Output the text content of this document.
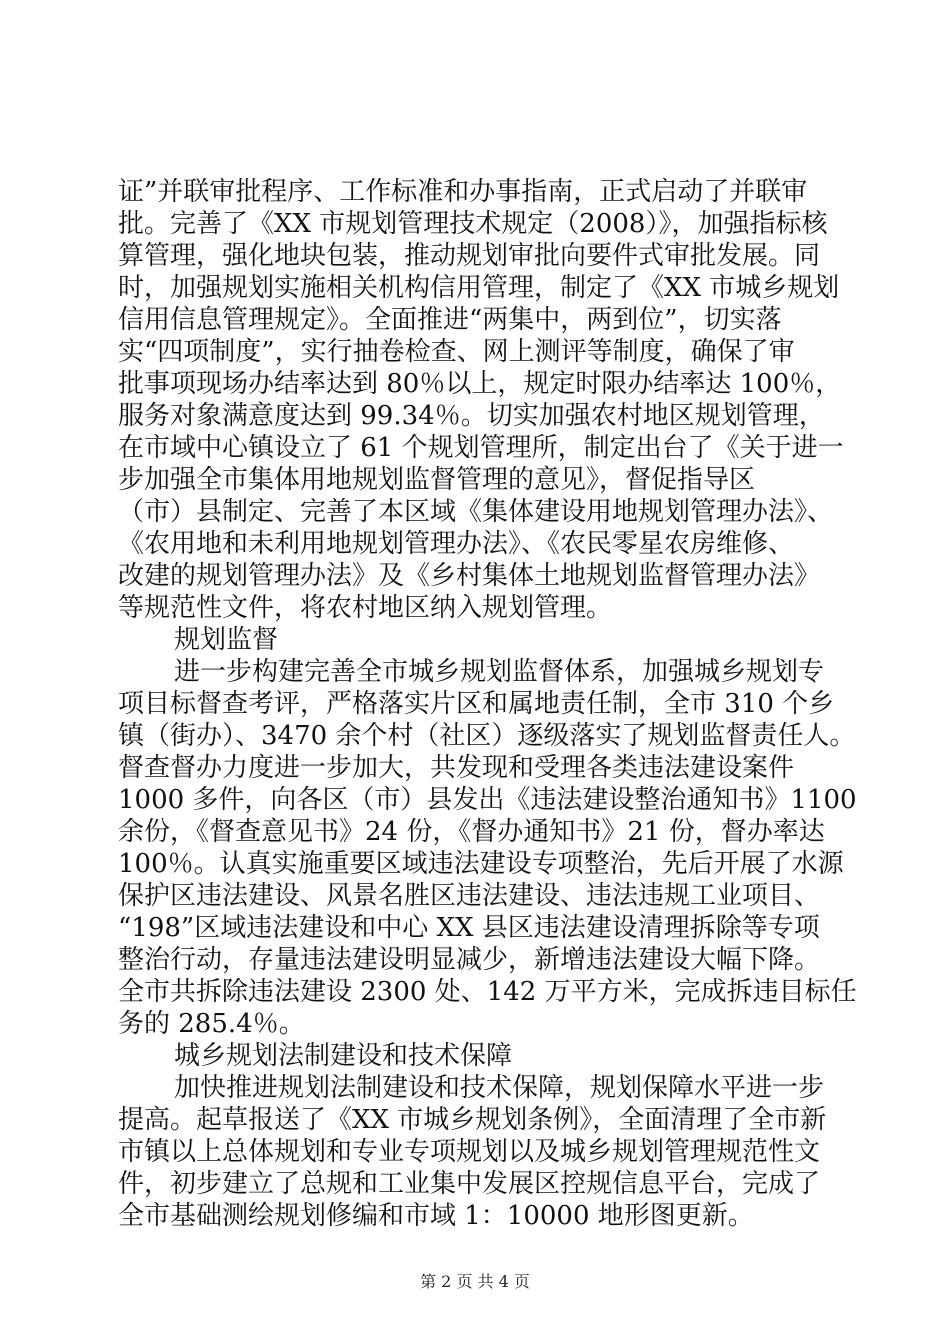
证”并联审批程序、工作标准和办事指南，正式启动了并联审
批。完善了《XX 市规划管理技术规定（2008）》，加强指标核
算管理，强化地块包装，推动规划审批向要件式审批发展。同
时，加强规划实施相关机构信用管理，制定了《XX 市城乡规划
信用信息管理规定》。全面推进“两集中，两到位”，切实落
实“四项制度”，实行抽卷检查、网上测评等制度，确保了审
批事项现场办结率达到 80％以上，规定时限办结率达 100％，
服务对象满意度达到 99.34％。切实加强农村地区规划管理，
在市域中心镇设立了 61 个规划管理所，制定出台了《关于进一
步加强全市集体用地规划监督管理的意见》，督促指导区
（市）县制定、完善了本区域《集体建设用地规划管理办法》、
《农用地和未利用地规划管理办法》、《农民零星农房维修、
改建的规划管理办法》及《乡村集体土地规划监督管理办法》
等规范性文件，将农村地区纳入规划管理。
规划监督
进一步构建完善全市城乡规划监督体系，加强城乡规划专
项目标督查考评，严格落实片区和属地责任制，全市 310 个乡
镇（街办）、3470 余个村（社区）逐级落实了规划监督责任人。
督查督办力度进一步加大，共发现和受理各类违法建设案件
1000 多件，向各区（市）县发出《违法建设整治通知书》1100
余份，《督查意见书》24 份，《督办通知书》21 份，督办率达
100％。认真实施重要区域违法建设专项整治，先后开展了水源
保护区违法建设、风景名胜区违法建设、违法违规工业项目、
“198”区域违法建设和中心 XX 县区违法建设清理拆除等专项
整治行动，存量违法建设明显减少，新增违法建设大幅下降。
全市共拆除违法建设 2300 处、142 万平方米，完成拆违目标任
务的 285.4％。
城乡规划法制建设和技术保障
加快推进规划法制建设和技术保障，规划保障水平进一步
提高。起草报送了《XX 市城乡规划条例》，全面清理了全市新
市镇以上总体规划和专业专项规划以及城乡规划管理规范性文
件，初步建立了总规和工业集中发展区控规信息平台，完成了
全市基础测绘规划修编和市域 1：10000 地形图更新。
第 2 页 共 4 页
